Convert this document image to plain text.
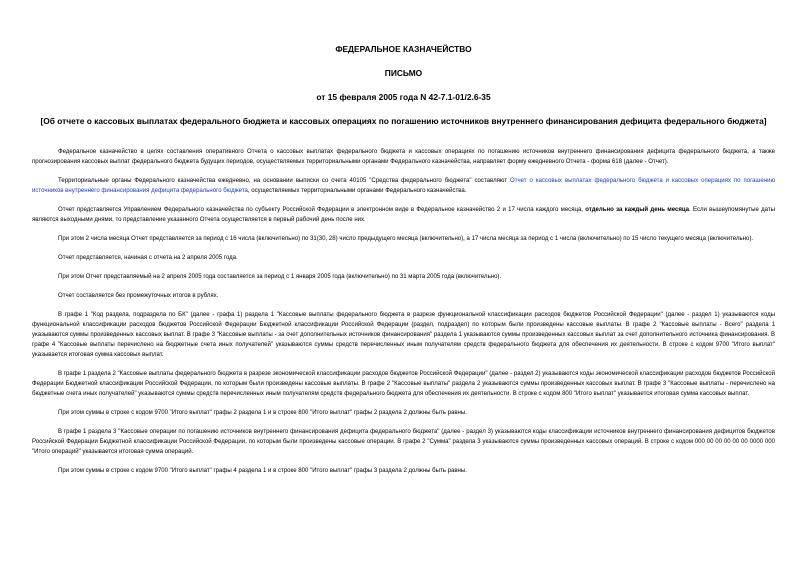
ФЕДЕРАЛЬНОЕ КАЗНАЧЕЙСТВО
ПИСЬМО
от 15 февраля 2005 года N 42-7.1-01/2.6-35
[Об отчете о кассовых выплатах федерального бюджета и кассовых операциях по погашению источников внутреннего финансирования дефицита федерального бюджета]

Федеральное казначейство в целях составления оперативного Отчета о кассовых выплатах федерального бюджета и кассовых операциях по погашению источников внутреннего финансирования дефицита федерального бюджета, а также прогнозирования кассовых выплат федерального бюджета будущих периодов, осуществляемых территориальными органами Федерального казначейства, направляет форму ежедневного Отчета - форма 618 (далее - Отчет).

Территориальные органы Федерального казначейства ежедневно, на основании выписки со счета 40105 "Средства федерального бюджета" составляют Отчет о кассовых выплатах федерального бюджета и кассовых операциях по погашению источников внутреннего финансирования дефицита федерального бюджета, осуществляемых территориальными органами Федерального казначейства.

Отчет представляется Управлением Федерального казначейства по субъекту Российской Федерации в электронном виде в Федеральное казначейство 2 и 17 числа каждого месяца, отдельно за каждый день месяца. Если вышеупомянутые даты являются выходными днями, то представление указанного Отчета осуществляется в первый рабочий день после них.

При этом 2 числа месяца Отчет представляется за период с 16 числа (включительно) по 31(30, 28) число предыдущего месяца (включительно), а 17 числа месяца за период с 1 числа (включительно) по 15 число текущего месяца (включительно).

Отчет представляется, начиная с отчета на 2 апреля 2005 года.

При этом Отчет представляемый на 2 апреля 2005 года составляется за период с 1 января 2005 года (включительно) по 31 марта 2005 года (включительно).

Отчет составляется без промежуточных итогов в рублях.

В графе 1 "Код раздела, подраздела по БК" (далее - графа 1) раздела 1 "Кассовые выплаты федерального бюджета в разрезе функциональной классификации расходов бюджетов Российской Федерации" (далее - раздел 1) указываются коды функциональной классификации расходов бюджетов Российской Федерации Бюджетной классификации Российской Федерации (раздел, подраздел) по которым были произведены кассовые выплаты. В графе 2 "Кассовые выплаты - Всего" раздела 1 указываются суммы произведенных кассовых выплат. В графе 3 "Кассовые выплаты - за счет дополнительных источников финансирования" раздела 1 указываются суммы произведенных кассовых выплат за счет дополнительного источника финансирования. В графе 4 "Кассовые выплаты перечислено на бюджетные счета иных получателей" указываются суммы средств перечисленных иным получателям средств федерального бюджета для обеспечения их деятельности. В строке с кодом 9700 "Итого выплат" указывается итоговая сумма кассовых выплат.

В графе 1 раздела 2 "Кассовые выплаты федерального бюджета в разрезе экономической классификации расходов бюджетов Российской Федерации" (далее - раздел 2) указываются коды экономической классификации расходов бюджетов Российской Федерации Бюджетной классификации Российской Федерации, по которым были произведены кассовые выплаты. В графе 2 "Кассовые выплаты" раздела 2 указываются суммы произведенных кассовых выплат. В графе 3 "Кассовые выплаты - перечислено на бюджетные счета иных получателей" указываются суммы средств перечисленных иным получателям средств федерального бюджета для обеспечения их деятельности. В строке с кодом 800 "Итого выплат" указывается итоговая сумма кассовых выплат.

При этом суммы в строке с кодом 9700 "Итого выплат" графы 2 раздела 1 и в строке 800 "Итого выплат" графы 2 раздела 2 должны быть равны.

В графе 1 раздела 3 "Кассовые операции по погашению источников внутреннего финансирования дефицита федерального бюджета" (далее - раздел 3) указываются коды классификации источников внутреннего финансирования дефицитов бюджетов Российской Федерации Бюджетной классификации Российской Федерации, по которым были произведены кассовые операции. В графе 2 "Сумма" раздела 3 указываются суммы произведенных кассовых операций. В строке с кодом 000 00 00 00 00 00 0000 000 "Итого операций" указывается итоговая сумма операций.

При этом суммы в строке с кодом 9700 "Итого выплат" графы 4 раздела 1 и в строке 800 "Итого выплат" графы 3 раздела 2 должны быть равны.
